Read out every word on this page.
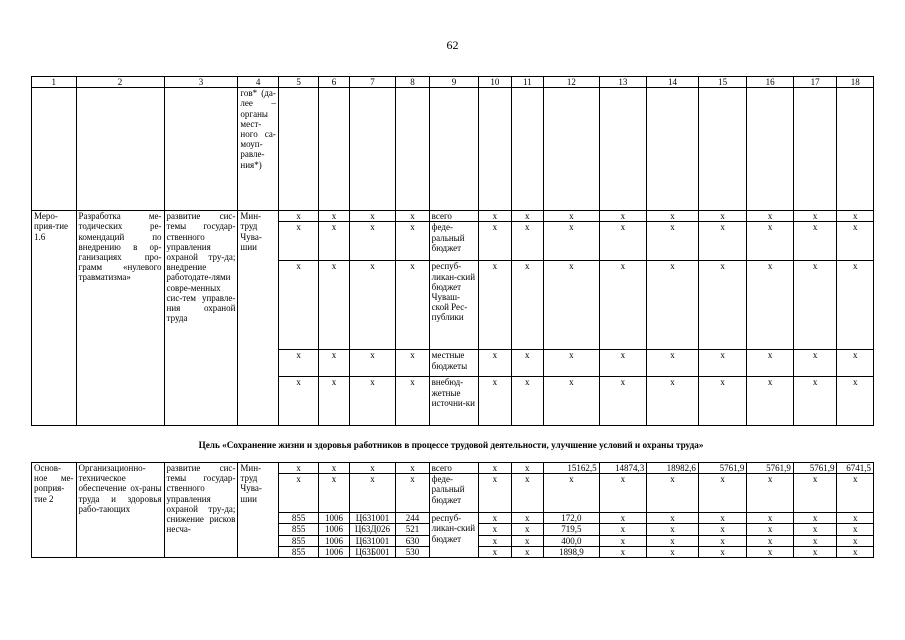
62
1	2	3	4	5	6	7	8	9	10	11	12	13	14	15	16	17	18
			гов* (да-лее – органы мест-ного са-моуп-равле-ния*)														
Меро-прия-тие 1.6	Разработка ме-тодических ре-комендаций по внедрению в ор-ганизациях про-грамм «нулевого травматизма»	развитие сис-темы государ-ственного управления охраной тру-да; внедрение работодате-лями совре-менных сис-тем управле-ния охраной труда	Мин-труд Чува-шии	x	x	x	x	всего	x	x	x	x	x	x	x	x	x
				x	x	x	x	феде-ральный бюджет	x	x	x	x	x	x	x	x	x
				x	x	x	x	респуб-ликан-ский бюджет Чуваш-ской Рес-публики	x	x	x	x	x	x	x	x	x
				x	x	x	x	местные бюджеты	x	x	x	x	x	x	x	x	x
				x	x	x	x	внебюд-жетные источни-ки	x	x	x	x	x	x	x	x	x
Цель «Сохранение жизни и здоровья работников в процессе трудовой деятельности, улучшение условий и охраны труда»
Основ-ное ме-роприя-тие 2	Организационно-техническое обеспечение ох-раны труда и здоровья рабо-тающих	развитие сис-темы государ-ственного управления охраной тру-да; снижение рисков несча-	Мин-труд Чува-шии	x	x	x	x	всего	x	x	15162,5	14874,3	18982,6	5761,9	5761,9	5761,9	6741,5
				x	x	x	x	феде-ральный бюджет	x	x	x	x	x	x	x	x	x
				855	1006	Ц631001	244	респуб-ликан-ский бюджет	x	x	172,0	x	x	x	x	x	x
				855	1006	Ц63Д026	521		x	x	719,5	x	x	x	x	x	x
				855	1006	Ц631001	630		x	x	400,0	x	x	x	x	x	x
				855	1006	Ц63Б001	530		x	x	1898,9	x	x	x	x	x	x
